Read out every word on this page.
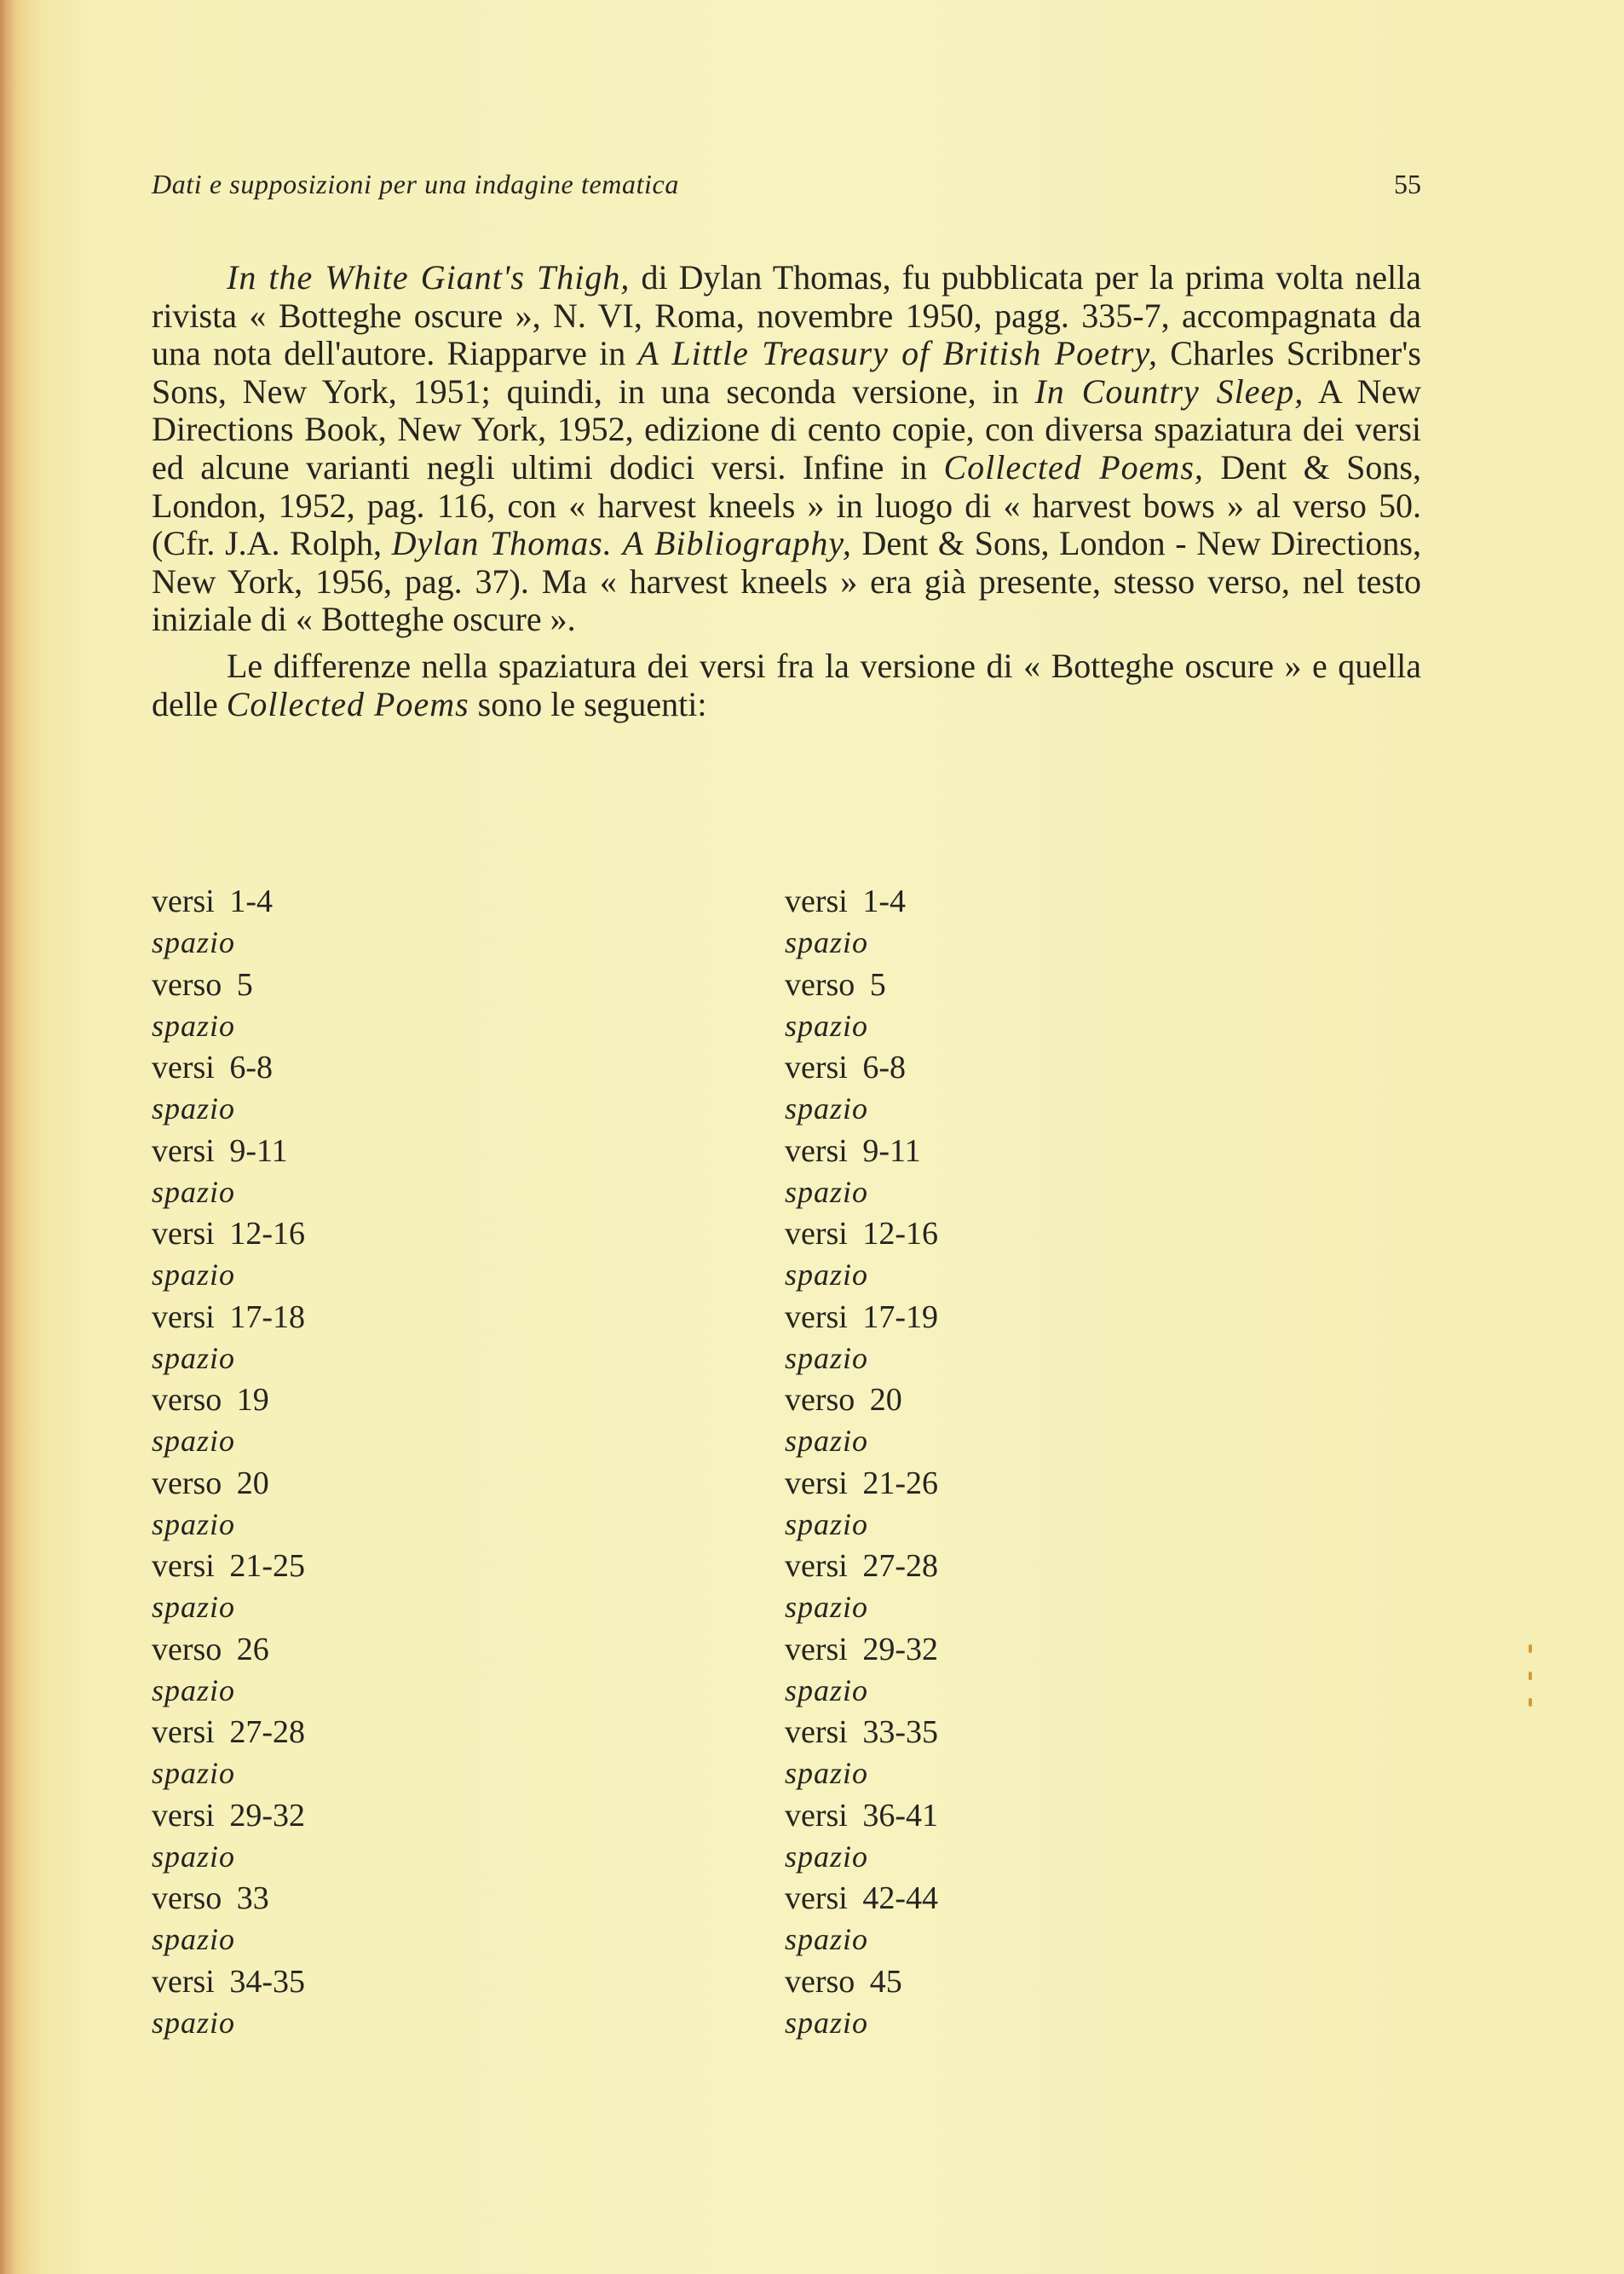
Dati e supposizioni per una indagine tematica	55

In the White Giant's Thigh, di Dylan Thomas, fu pubblicata per la prima volta nella rivista « Botteghe oscure », N. VI, Roma, novembre 1950, pagg. 335-7, accompagnata da una nota dell'autore. Riapparve in A Little Treasury of British Poetry, Charles Scribner's Sons, New York, 1951; quindi, in una seconda versione, in In Country Sleep, A New Directions Book, New York, 1952, edizione di cento copie, con diversa spaziatura dei versi ed alcune varianti negli ultimi dodici versi. Infine in Collected Poems, Dent & Sons, London, 1952, pag. 116, con « harvest kneels » in luogo di « harvest bows » al verso 50. (Cfr. J.A. Rolph, Dylan Thomas. A Bibliography, Dent & Sons, London - New Directions, New York, 1956, pag. 37). Ma « harvest kneels » era già presente, stesso verso, nel testo iniziale di « Botteghe oscure ».

Le differenze nella spaziatura dei versi fra la versione di « Botteghe oscure » e quella delle Collected Poems sono le seguenti:

versi 1-4
spazio
verso 5
spazio
versi 6-8
spazio
versi 9-11
spazio
versi 12-16
spazio
versi 17-18
spazio
verso 19
spazio
verso 20
spazio
versi 21-25
spazio
verso 26
spazio
versi 27-28
spazio
versi 29-32
spazio
verso 33
spazio
versi 34-35
spazio
versi 1-4
spazio
verso 5
spazio
versi 6-8
spazio
versi 9-11
spazio
versi 12-16
spazio
versi 17-19
spazio
verso 20
spazio
versi 21-26
spazio
versi 27-28
spazio
versi 29-32
spazio
versi 33-35
spazio
versi 36-41
spazio
versi 42-44
spazio
verso 45
spazio
